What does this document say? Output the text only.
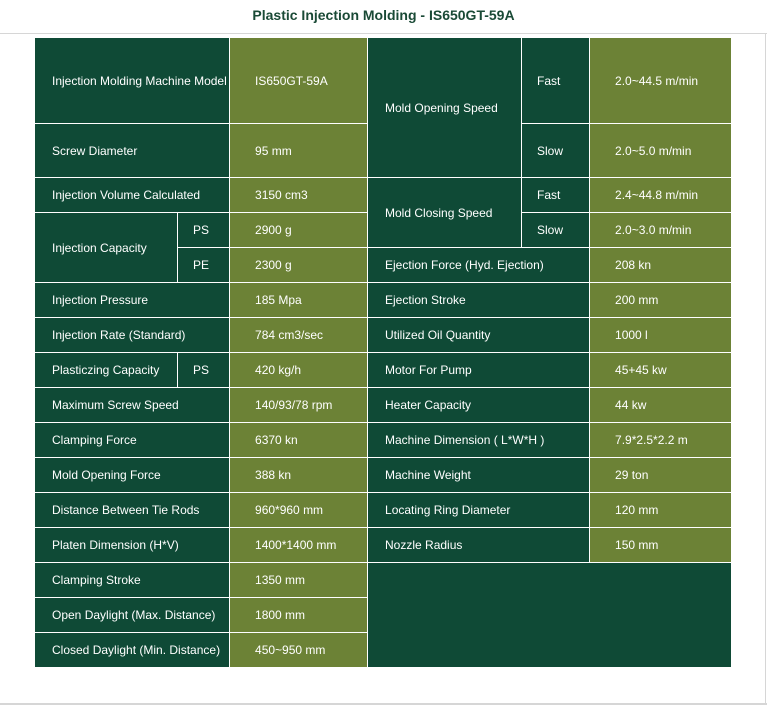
Plastic Injection Molding - IS650GT-59A
Injection Molding Machine Model		IS650GT-59A	Mold Opening Speed	Fast	2.0~44.5 m/min
Screw Diameter		95 mm		Slow	2.0~5.0 m/min
Injection Volume Calculated		3150 cm3	Mold Closing Speed	Fast	2.4~44.8 m/min
Injection Capacity	PS	2900 g		Slow	2.0~3.0 m/min
	PE	2300 g	Ejection Force (Hyd. Ejection)		208 kn
Injection Pressure		185 Mpa	Ejection Stroke		200 mm
Injection Rate (Standard)		784 cm3/sec	Utilized Oil Quantity		1000 l
Plasticzing Capacity	PS	420 kg/h	Motor For Pump		45+45 kw
Maximum Screw Speed		140/93/78 rpm	Heater Capacity		44 kw
Clamping Force		6370 kn	Machine Dimension ( L*W*H )		7.9*2.5*2.2 m
Mold Opening Force		388 kn	Machine Weight		29 ton
Distance Between Tie Rods		960*960 mm	Locating Ring Diameter		120 mm
Platen Dimension (H*V)		1400*1400 mm	Nozzle Radius		150 mm
Clamping Stroke		1350 mm			
Open Daylight (Max. Distance)		1800 mm			
Closed Daylight (Min. Distance)		450~950 mm			
